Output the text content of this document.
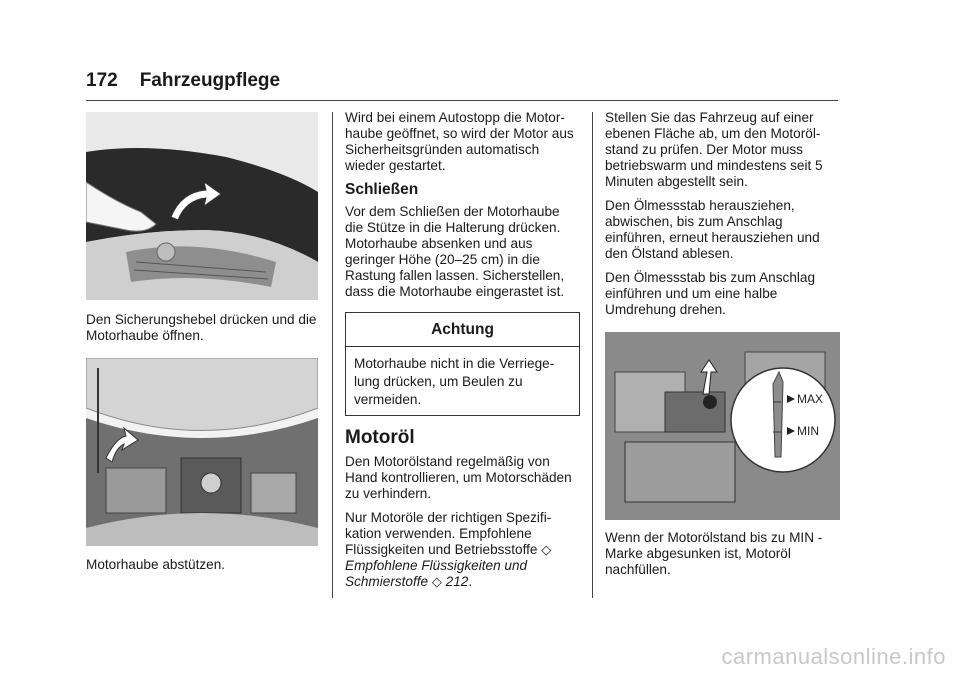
172 Fahrzeugpflege

Den Sicherungshebel drücken und die Motorhaube öffnen.

Motorhaube abstützen.

Wird bei einem Autostopp die Motorhaube geöffnet, so wird der Motor aus Sicherheitsgründen automatisch wieder gestartet.

Schließen

Vor dem Schließen der Motorhaube die Stütze in die Halterung drücken. Motorhaube absenken und aus geringer Höhe (20–25 cm) in die Rastung fallen lassen. Sicherstellen, dass die Motorhaube eingerastet ist.

Achtung
Motorhaube nicht in die Verriegelung drücken, um Beulen zu vermeiden.
Motoröl

Den Motorölstand regelmäßig von Hand kontrollieren, um Motorschäden zu verhindern.

Nur Motoröle der richtigen Spezifikation verwenden. Empfohlene Flüssigkeiten und Betriebsstoffe ◇ Empfohlene Flüssigkeiten und Schmierstoffe ◇ 212.

Stellen Sie das Fahrzeug auf einer ebenen Fläche ab, um den Motorölstand zu prüfen. Der Motor muss betriebswarm und mindestens seit 5 Minuten abgestellt sein.

Den Ölmessstab herausziehen, abwischen, bis zum Anschlag einführen, erneut herausziehen und den Ölstand ablesen.

Den Ölmessstab bis zum Anschlag einführen und um eine halbe Umdrehung drehen.

MAX
MIN

Wenn der Motorölstand bis zu MIN -Marke abgesunken ist, Motoröl nachfüllen.

carmanualsonline.info
